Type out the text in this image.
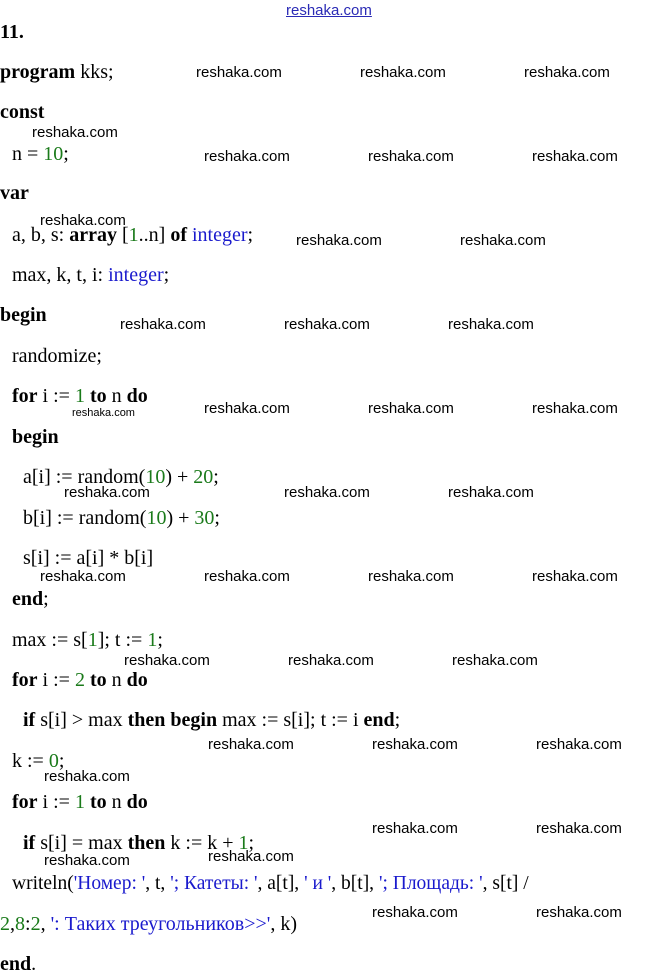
reshaka.com
11.
program kks;
const
n = 10;
var
a, b, s: array [1..n] of integer;
max, k, t, i: integer;
begin
randomize;
for i := 1 to n do
begin
a[i] := random(10) + 20;
b[i] := random(10) + 30;
s[i] := a[i] * b[i]
end;
max := s[1]; t := 1;
for i := 2 to n do
if s[i] > max then begin max := s[i]; t := i end;
k := 0;
for i := 1 to n do
if s[i] = max then k := k + 1;
writeln('Номер: ', t, '; Катеты: ', a[t], ' и ', b[t], '; Площадь: ', s[t] /
2,8:2, ': Таких треугольников>>', k)
end.
reshaka.com	reshaka.com	reshaka.com
reshaka.com
reshaka.com	reshaka.com	reshaka.com
reshaka.com
reshaka.com	reshaka.com
reshaka.com	reshaka.com	reshaka.com
reshaka.com	reshaka.com	reshaka.com	reshaka.com
reshaka.com	reshaka.com	reshaka.com
reshaka.com	reshaka.com	reshaka.com	reshaka.com
reshaka.com	reshaka.com	reshaka.com
reshaka.com	reshaka.com	reshaka.com
reshaka.com
reshaka.com	reshaka.com
reshaka.com	reshaka.com
reshaka.com	reshaka.com
